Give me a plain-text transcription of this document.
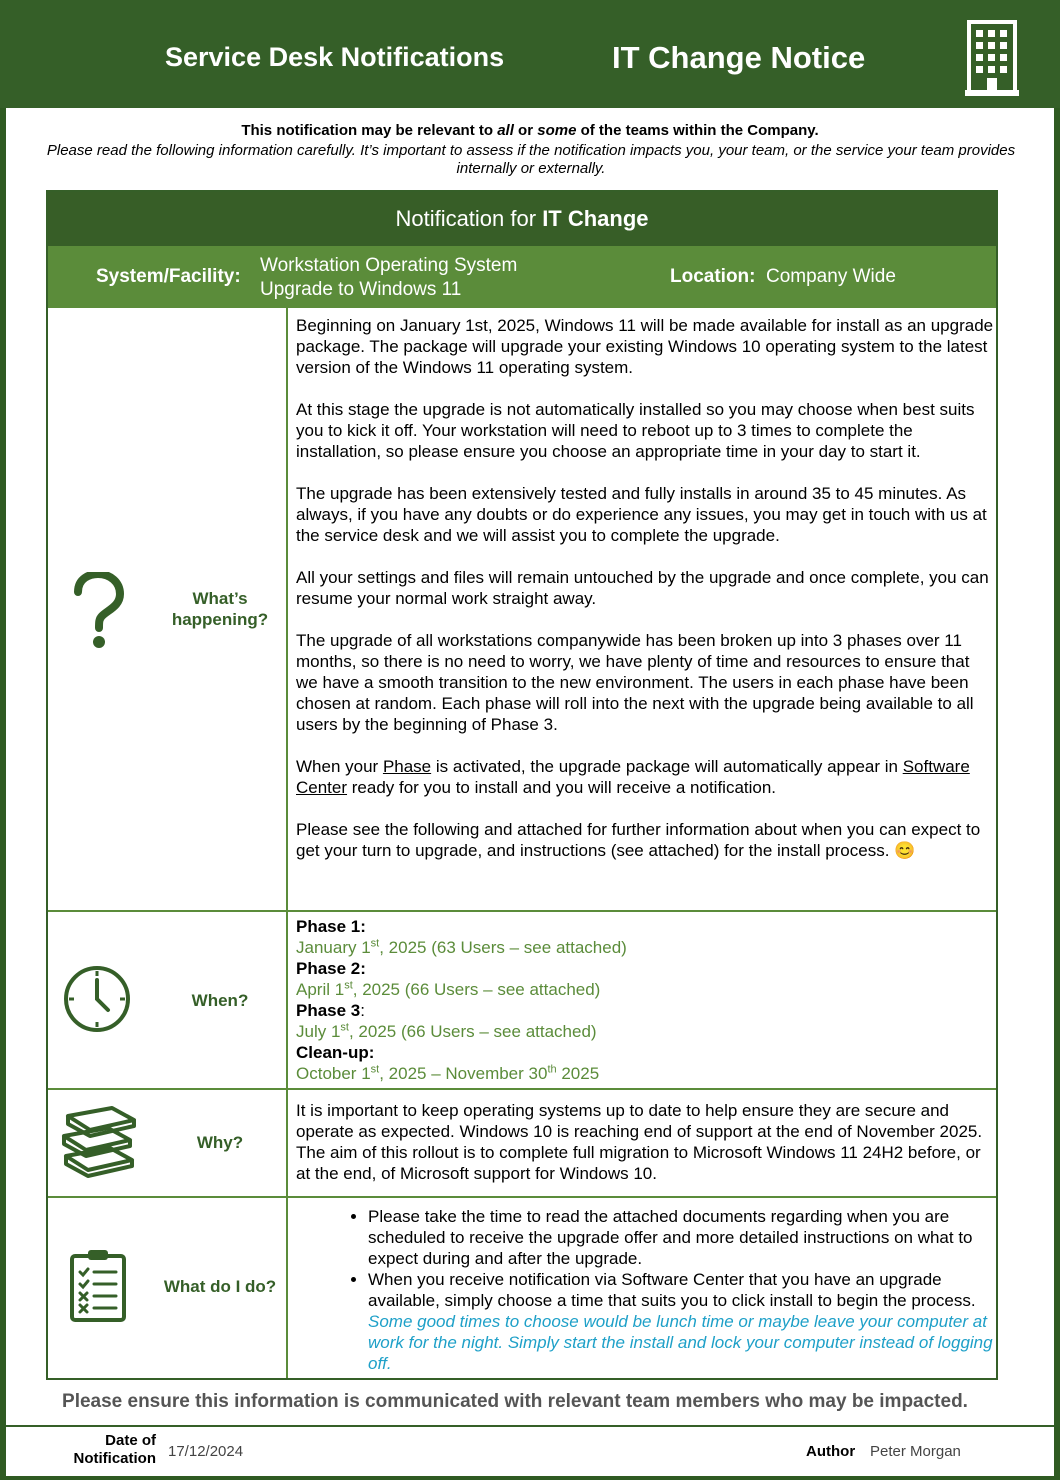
Service Desk Notifications	IT Change Notice
This notification may be relevant to all or some of the teams within the Company.
Please read the following information carefully. It’s important to assess if the notification impacts you, your team, or the service your team provides internally or externally.
Notification for IT Change
System/Facility:
Workstation Operating System
Upgrade to Windows 11
Location: Company Wide
What’s
happening?

Beginning on January 1st, 2025, Windows 11 will be made available for install as an upgrade package. The package will upgrade your existing Windows 10 operating system to the latest version of the Windows 11 operating system.

At this stage the upgrade is not automatically installed so you may choose when best suits you to kick it off. Your workstation will need to reboot up to 3 times to complete the installation, so please ensure you choose an appropriate time in your day to start it.

The upgrade has been extensively tested and fully installs in around 35 to 45 minutes. As always, if you have any doubts or do experience any issues, you may get in touch with us at the service desk and we will assist you to complete the upgrade.

All your settings and files will remain untouched by the upgrade and once complete, you can resume your normal work straight away.

The upgrade of all workstations companywide has been broken up into 3 phases over 11 months, so there is no need to worry, we have plenty of time and resources to ensure that we have a smooth transition to the new environment. The users in each phase have been chosen at random. Each phase will roll into the next with the upgrade being available to all users by the beginning of Phase 3.

When your Phase is activated, the upgrade package will automatically appear in Software Center ready for you to install and you will receive a notification.

Please see the following and attached for further information about when you can expect to get your turn to upgrade, and instructions (see attached) for the install process. 😊

When?
Phase 1:
January 1st, 2025 (63 Users – see attached)
Phase 2:
April 1st, 2025 (66 Users – see attached)
Phase 3:
July 1st, 2025 (66 Users – see attached)
Clean-up:
October 1st, 2025 – November 30th 2025
Why?
It is important to keep operating systems up to date to help ensure they are secure and operate as expected. Windows 10 is reaching end of support at the end of November 2025. The aim of this rollout is to complete full migration to Microsoft Windows 11 24H2 before, or at the end, of Microsoft support for Windows 10.
What do I do?
• Please take the time to read the attached documents regarding when you are scheduled to receive the upgrade offer and more detailed instructions on what to expect during and after the upgrade.
• When you receive notification via Software Center that you have an upgrade available, simply choose a time that suits you to click install to begin the process. Some good times to choose would be lunch time or maybe leave your computer at work for the night. Simply start the install and lock your computer instead of logging off.
Please ensure this information is communicated with relevant team members who may be impacted.
Date of
Notification 17/12/2024	Author Peter Morgan
